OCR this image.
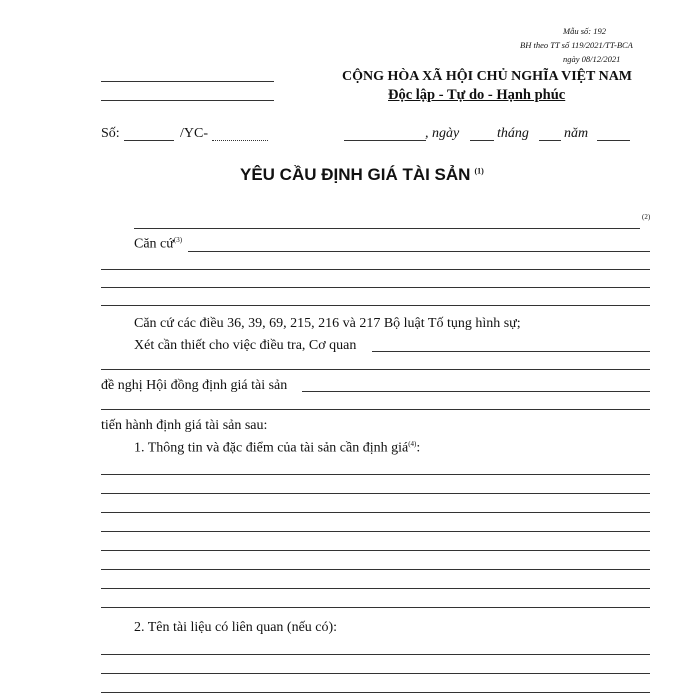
Mẫu số: 192
BH theo TT số 119/2021/TT-BCA
ngày 08/12/2021
CỘNG HÒA XÃ HỘI CHỦ NGHĨA VIỆT NAM
Độc lập - Tự do - Hạnh phúc
Số:	/YC-	, ngày	tháng	năm
YÊU CẦU ĐỊNH GIÁ TÀI SẢN $^{(1)}$
(2)
Căn cứ$^{(3)}$
Căn cứ các điều 36, 39, 69, 215, 216 và 217 Bộ luật Tố tụng hình sự;
Xét cần thiết cho việc điều tra, Cơ quan
đề nghị Hội đồng định giá tài sản
tiến hành định giá tài sản sau:
1. Thông tin và đặc điểm của tài sản cần định giá$^{(4)}$:
2. Tên tài liệu có liên quan (nếu có):
